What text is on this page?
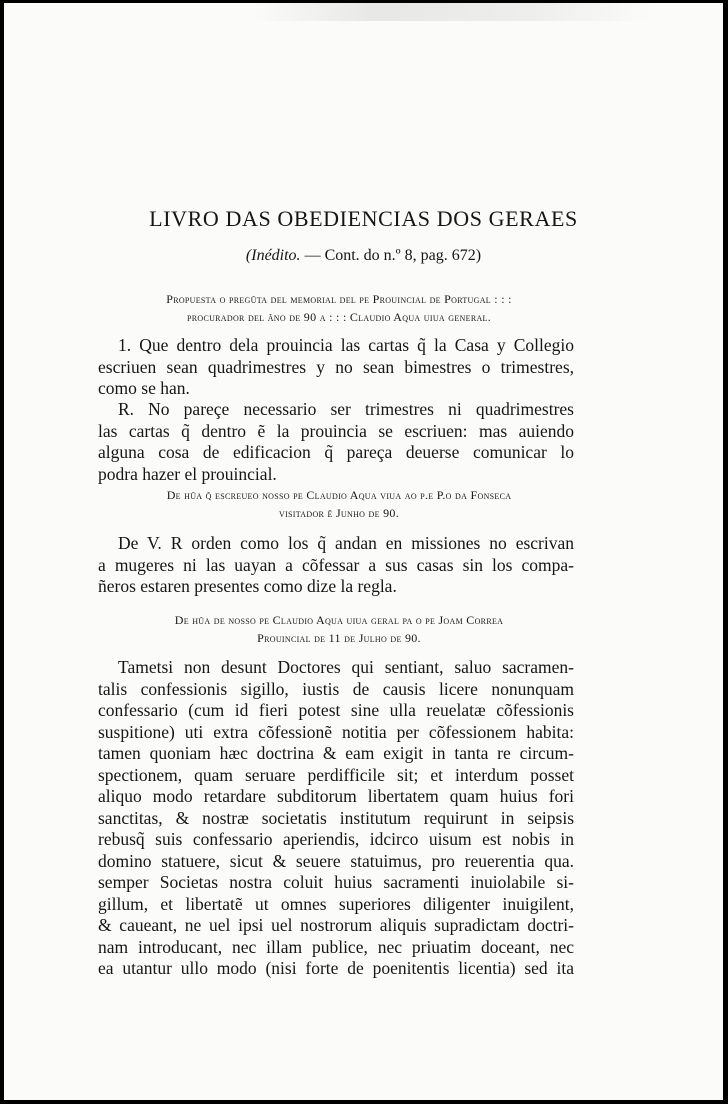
LIVRO DAS OBEDIENCIAS DOS GERAES
(Inédito. — Cont. do n.º 8, pag. 672)
Propuesta o pregũta del memorial del pe Prouincial de Portugal : : :
procurador del ãno de 90 a : : : Claudio Aqua uiua general.
1. Que dentro dela prouincia las cartas q̃ la Casa y Collegio
escriuen sean quadrimestres y no sean bimestres o trimestres,
como se han.
R. No pareçe necessario ser trimestres ni quadrimestres
las cartas q̃ dentro ẽ la prouincia se escriuen: mas auiendo
alguna cosa de edificacion q̃ pareça deuerse comunicar lo
podra hazer el prouincial.
De hũa q̃ escreueo nosso pe Claudio Aqua viua ao p.e P.o da Fonseca
visitador ẽ Junho de 90.
De V. R orden como los q̃ andan en missiones no escrivan
a mugeres ni las uayan a cõfessar a sus casas sin los compa-
ñeros estaren presentes como dize la regla.
De hũa de nosso pe Claudio Aqua uiua geral pa o pe Joam Correa
Prouincial de 11 de Julho de 90.
Tametsi non desunt Doctores qui sentiant, saluo sacramen-
talis confessionis sigillo, iustis de causis licere nonunquam
confessario (cum id fieri potest sine ulla reuelatæ cõfessionis
suspitione) uti extra cõfessionẽ notitia per cõfessionem habita:
tamen quoniam hæc doctrina & eam exigit in tanta re circum-
spectionem, quam seruare perdifficile sit; et interdum posset
aliquo modo retardare subditorum libertatem quam huius fori
sanctitas, & nostræ societatis institutum requirunt in seipsis
rebusq̃ suis confessario aperiendis, idcirco uisum est nobis in
domino statuere, sicut & seuere statuimus, pro reuerentia qua.
semper Societas nostra coluit huius sacramenti inuiolabile si-
gillum, et libertatẽ ut omnes superiores diligenter inuigilent,
& caueant, ne uel ipsi uel nostrorum aliquis supradictam doctri-
nam introducant, nec illam publice, nec priuatim doceant, nec
ea utantur ullo modo (nisi forte de poenitentis licentia) sed ita
